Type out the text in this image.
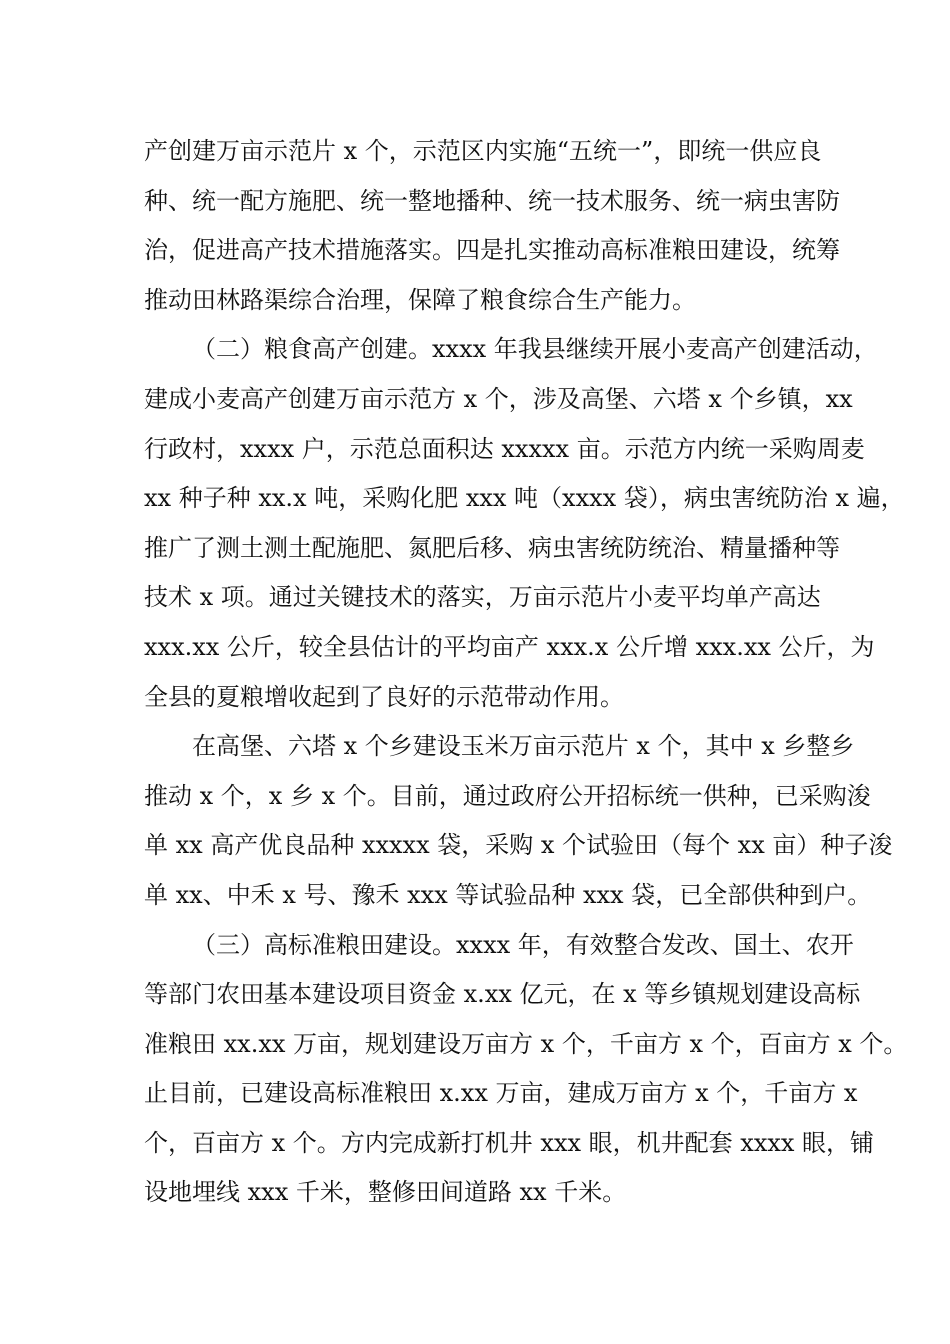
产创建万亩示范片 x 个，示范区内实施“五统一”，即统一供应良
种、统一配方施肥、统一整地播种、统一技术服务、统一病虫害防
治，促进高产技术措施落实。四是扎实推动高标准粮田建设，统筹
推动田林路渠综合治理，保障了粮食综合生产能力。
（二）粮食高产创建。xxxx 年我县继续开展小麦高产创建活动，
建成小麦高产创建万亩示范方 x 个，涉及高堡、六塔 x 个乡镇，xx
行政村，xxxx 户，示范总面积达 xxxxx 亩。示范方内统一采购周麦
xx 种子种 xx.x 吨，采购化肥 xxx 吨（xxxx 袋），病虫害统防治 x 遍，
推广了测土测土配施肥、氮肥后移、病虫害统防统治、精量播种等
技术 x 项。通过关键技术的落实，万亩示范片小麦平均单产高达
xxx.xx 公斤，较全县估计的平均亩产 xxx.x 公斤增 xxx.xx 公斤，为
全县的夏粮增收起到了良好的示范带动作用。
在高堡、六塔 x 个乡建设玉米万亩示范片 x 个，其中 x 乡整乡
推动 x 个，x 乡 x 个。目前，通过政府公开招标统一供种，已采购浚
单 xx 高产优良品种 xxxxx 袋，采购 x 个试验田（每个 xx 亩）种子浚
单 xx、中禾 x 号、豫禾 xxx 等试验品种 xxx 袋，已全部供种到户。
（三）高标准粮田建设。xxxx 年，有效整合发改、国土、农开
等部门农田基本建设项目资金 x.xx 亿元，在 x 等乡镇规划建设高标
准粮田 xx.xx 万亩，规划建设万亩方 x 个，千亩方 x 个，百亩方 x 个。
止目前，已建设高标准粮田 x.xx 万亩，建成万亩方 x 个，千亩方 x
个，百亩方 x 个。方内完成新打机井 xxx 眼，机井配套 xxxx 眼，铺
设地埋线 xxx 千米，整修田间道路 xx 千米。
